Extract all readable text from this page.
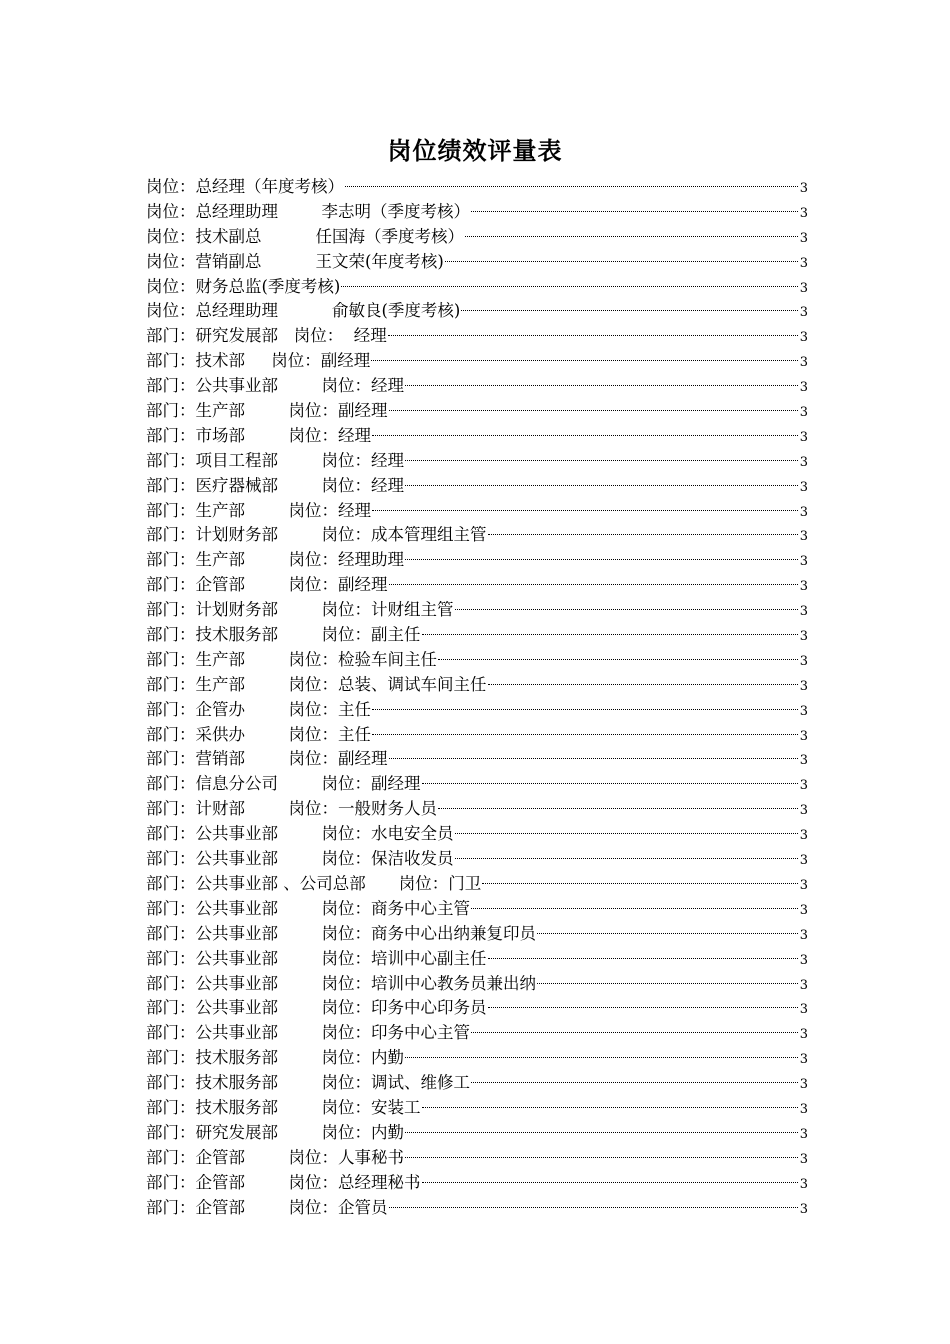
岗位绩效评量表
岗位：总经理（年度考核）	3
岗位：总经理助理　　  李志明（季度考核）	3
岗位：技术副总　　    任国海（季度考核）	3
岗位：营销副总　　    王文荣(年度考核)	3
岗位：财务总监(季度考核)	3
岗位：总经理助理　　    俞敏良(季度考核)	3
部门：研究发展部   岗位：  经理	3
部门：技术部     岗位：副经理	3
部门：公共事业部　　  岗位：经理	3
部门：生产部　　  岗位：副经理	3
部门：市场部　　  岗位：经理	3
部门：项目工程部　　  岗位：经理	3
部门：医疗器械部　　  岗位：经理	3
部门：生产部　　  岗位：经理	3
部门：计划财务部　　  岗位：成本管理组主管	3
部门：生产部　　  岗位：经理助理	3
部门：企管部　　  岗位：副经理	3
部门：计划财务部　　  岗位：计财组主管	3
部门：技术服务部　　  岗位：副主任	3
部门：生产部　　  岗位：检验车间主任	3
部门：生产部　　  岗位：总装、调试车间主任	3
部门：企管办　　  岗位：主任	3
部门：采供办　　  岗位：主任	3
部门：营销部　　  岗位：副经理	3
部门：信息分公司　　  岗位：副经理	3
部门：计财部　　  岗位：一般财务人员	3
部门：公共事业部　　  岗位：水电安全员	3
部门：公共事业部　　  岗位：保洁收发员	3
部门：公共事业部 、公司总部　　岗位：门卫	3
部门：公共事业部　　  岗位：商务中心主管	3
部门：公共事业部　　  岗位：商务中心出纳兼复印员	3
部门：公共事业部　　  岗位：培训中心副主任	3
部门：公共事业部　　  岗位：培训中心教务员兼出纳	3
部门：公共事业部　　  岗位：印务中心印务员	3
部门：公共事业部　　  岗位：印务中心主管	3
部门：技术服务部　　  岗位：内勤	3
部门：技术服务部　　  岗位：调试、维修工	3
部门：技术服务部　　  岗位：安装工	3
部门：研究发展部　　  岗位：内勤	3
部门：企管部　　  岗位：人事秘书	3
部门：企管部　　  岗位：总经理秘书	3
部门：企管部　　  岗位：企管员	3
